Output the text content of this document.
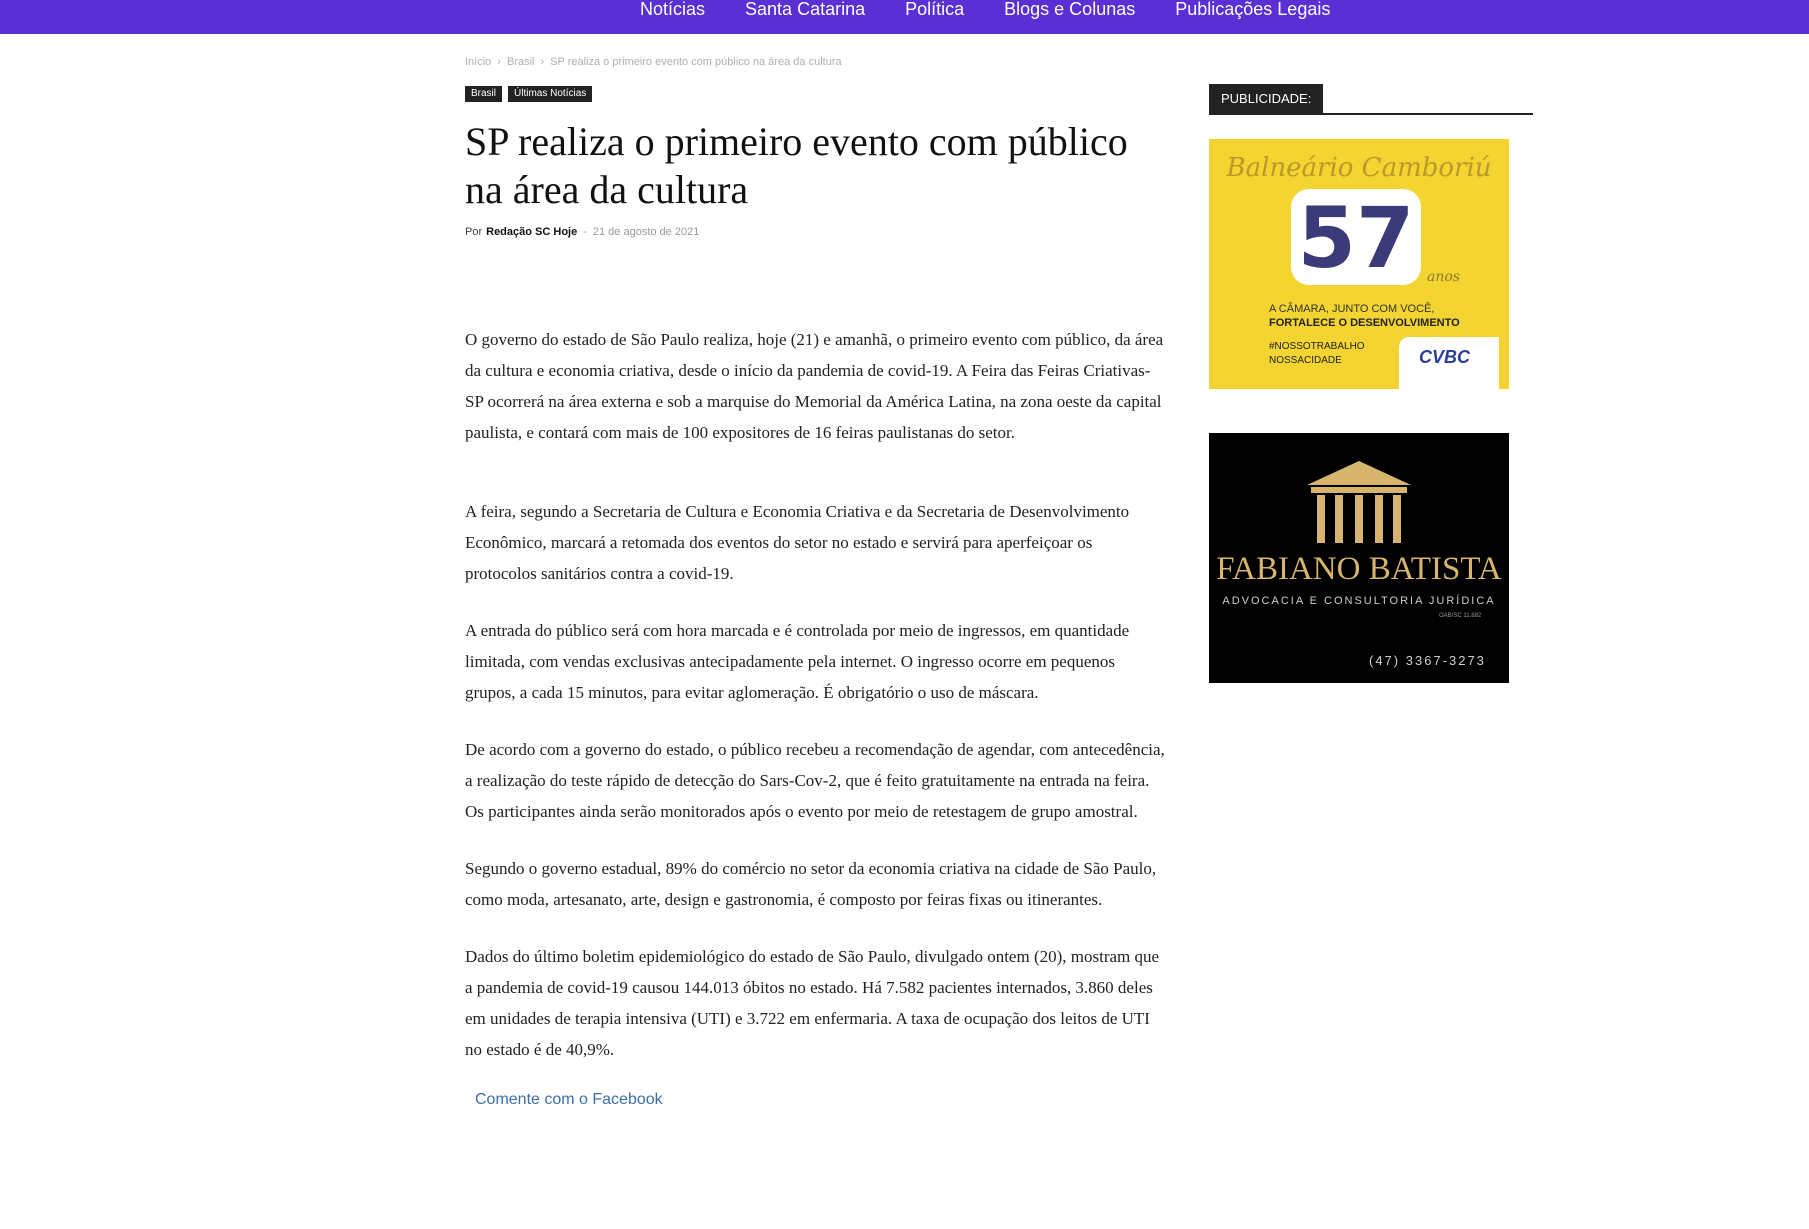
Notícias Santa Catarina Política Blogs e Colunas Publicações Legais
Início › Brasil › SP realiza o primeiro evento com público na área da cultura
Brasil	Últimas Notícias
SP realiza o primeiro evento com público na área da cultura
Por Redação SC Hoje - 21 de agosto de 2021

O governo do estado de São Paulo realiza, hoje (21) e amanhã, o primeiro evento com público, da área da cultura e economia criativa, desde o início da pandemia de covid-19. A Feira das Feiras Criativas-SP ocorrerá na área externa e sob a marquise do Memorial da América Latina, na zona oeste da capital paulista, e contará com mais de 100 expositores de 16 feiras paulistanas do setor.

A feira, segundo a Secretaria de Cultura e Economia Criativa e da Secretaria de Desenvolvimento Econômico, marcará a retomada dos eventos do setor no estado e servirá para aperfeiçoar os protocolos sanitários contra a covid-19.

A entrada do público será com hora marcada e é controlada por meio de ingressos, em quantidade limitada, com vendas exclusivas antecipadamente pela internet. O ingresso ocorre em pequenos grupos, a cada 15 minutos, para evitar aglomeração. É obrigatório o uso de máscara.

De acordo com a governo do estado, o público recebeu a recomendação de agendar, com antecedência, a realização do teste rápido de detecção do Sars-Cov-2, que é feito gratuitamente na entrada na feira. Os participantes ainda serão monitorados após o evento por meio de retestagem de grupo amostral.

Segundo o governo estadual, 89% do comércio no setor da economia criativa na cidade de São Paulo, como moda, artesanato, arte, design e gastronomia, é composto por feiras fixas ou itinerantes.

Dados do último boletim epidemiológico do estado de São Paulo, divulgado ontem (20), mostram que a pandemia de covid-19 causou 144.013 óbitos no estado. Há 7.582 pacientes internados, 3.860 deles em unidades de terapia intensiva (UTI) e 3.722 em enfermaria. A taxa de ocupação dos leitos de UTI no estado é de 40,9%.

Comente com o Facebook
PUBLICIDADE:
Balneário Camboriú
57 anos
A CÂMARA, JUNTO COM VOCÊ,
FORTALECE O DESENVOLVIMENTO
#NOSSOTRABALHO
NOSSACIDADE	CVBC
FABIANO BATISTA
ADVOCACIA E CONSULTORIA JURÍDICA
OAB/SC 11.882
(47) 3367-3273
